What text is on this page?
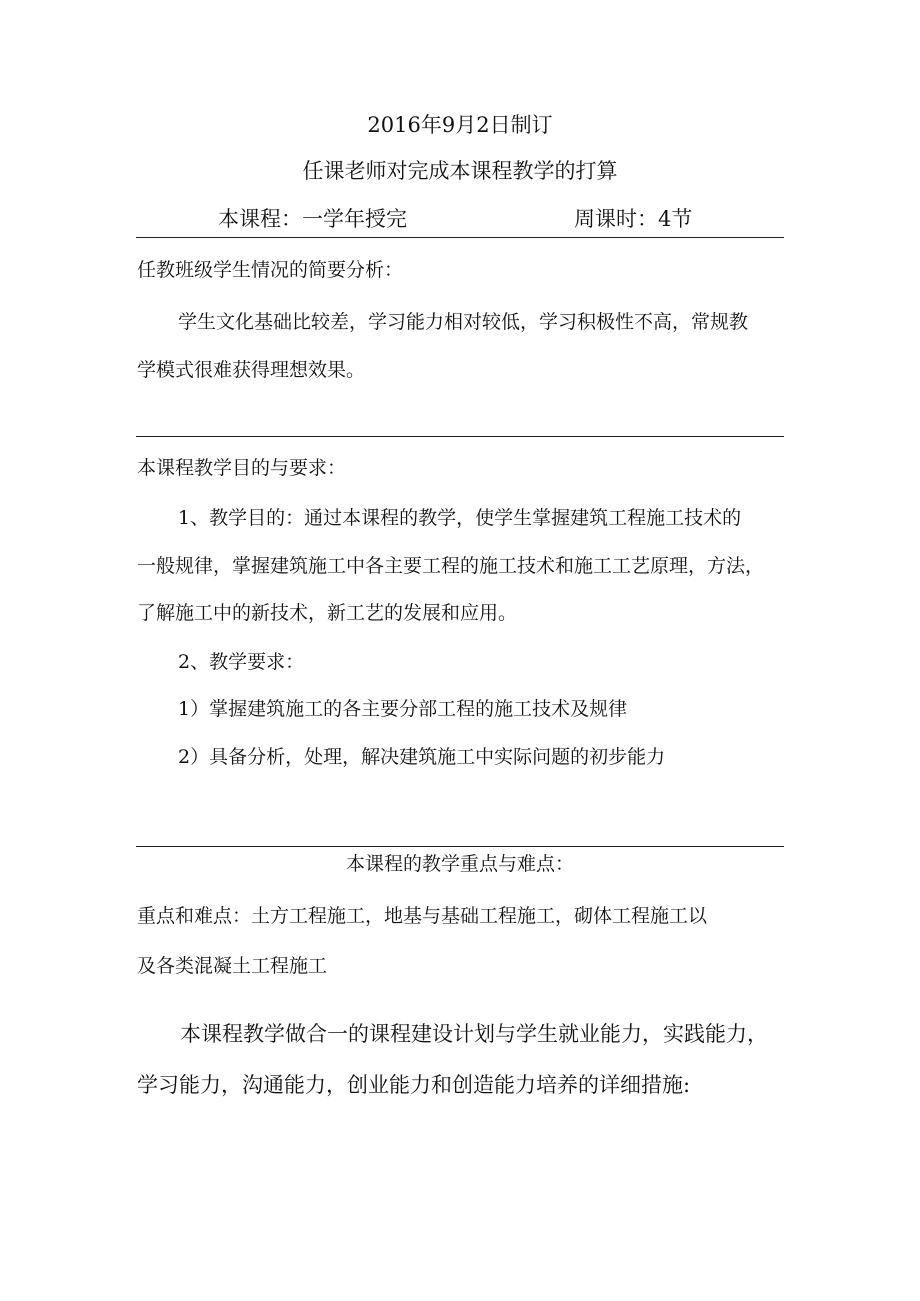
2016年9月2日制订
任课老师对完成本课程教学的打算
本课程：一学年授完	周课时：4节
任教班级学生情况的简要分析：
学生文化基础比较差，学习能力相对较低，学习积极性不高，常规教
学模式很难获得理想效果。
本课程教学目的与要求：
1、教学目的：通过本课程的教学，使学生掌握建筑工程施工技术的
一般规律，掌握建筑施工中各主要工程的施工技术和施工工艺原理，方法，
了解施工中的新技术，新工艺的发展和应用。
2、教学要求：
1）掌握建筑施工的各主要分部工程的施工技术及规律
2）具备分析，处理，解决建筑施工中实际问题的初步能力
本课程的教学重点与难点：
重点和难点：土方工程施工，地基与基础工程施工，砌体工程施工以
及各类混凝土工程施工
本课程教学做合一的课程建设计划与学生就业能力，实践能力，
学习能力，沟通能力，创业能力和创造能力培养的详细措施:
